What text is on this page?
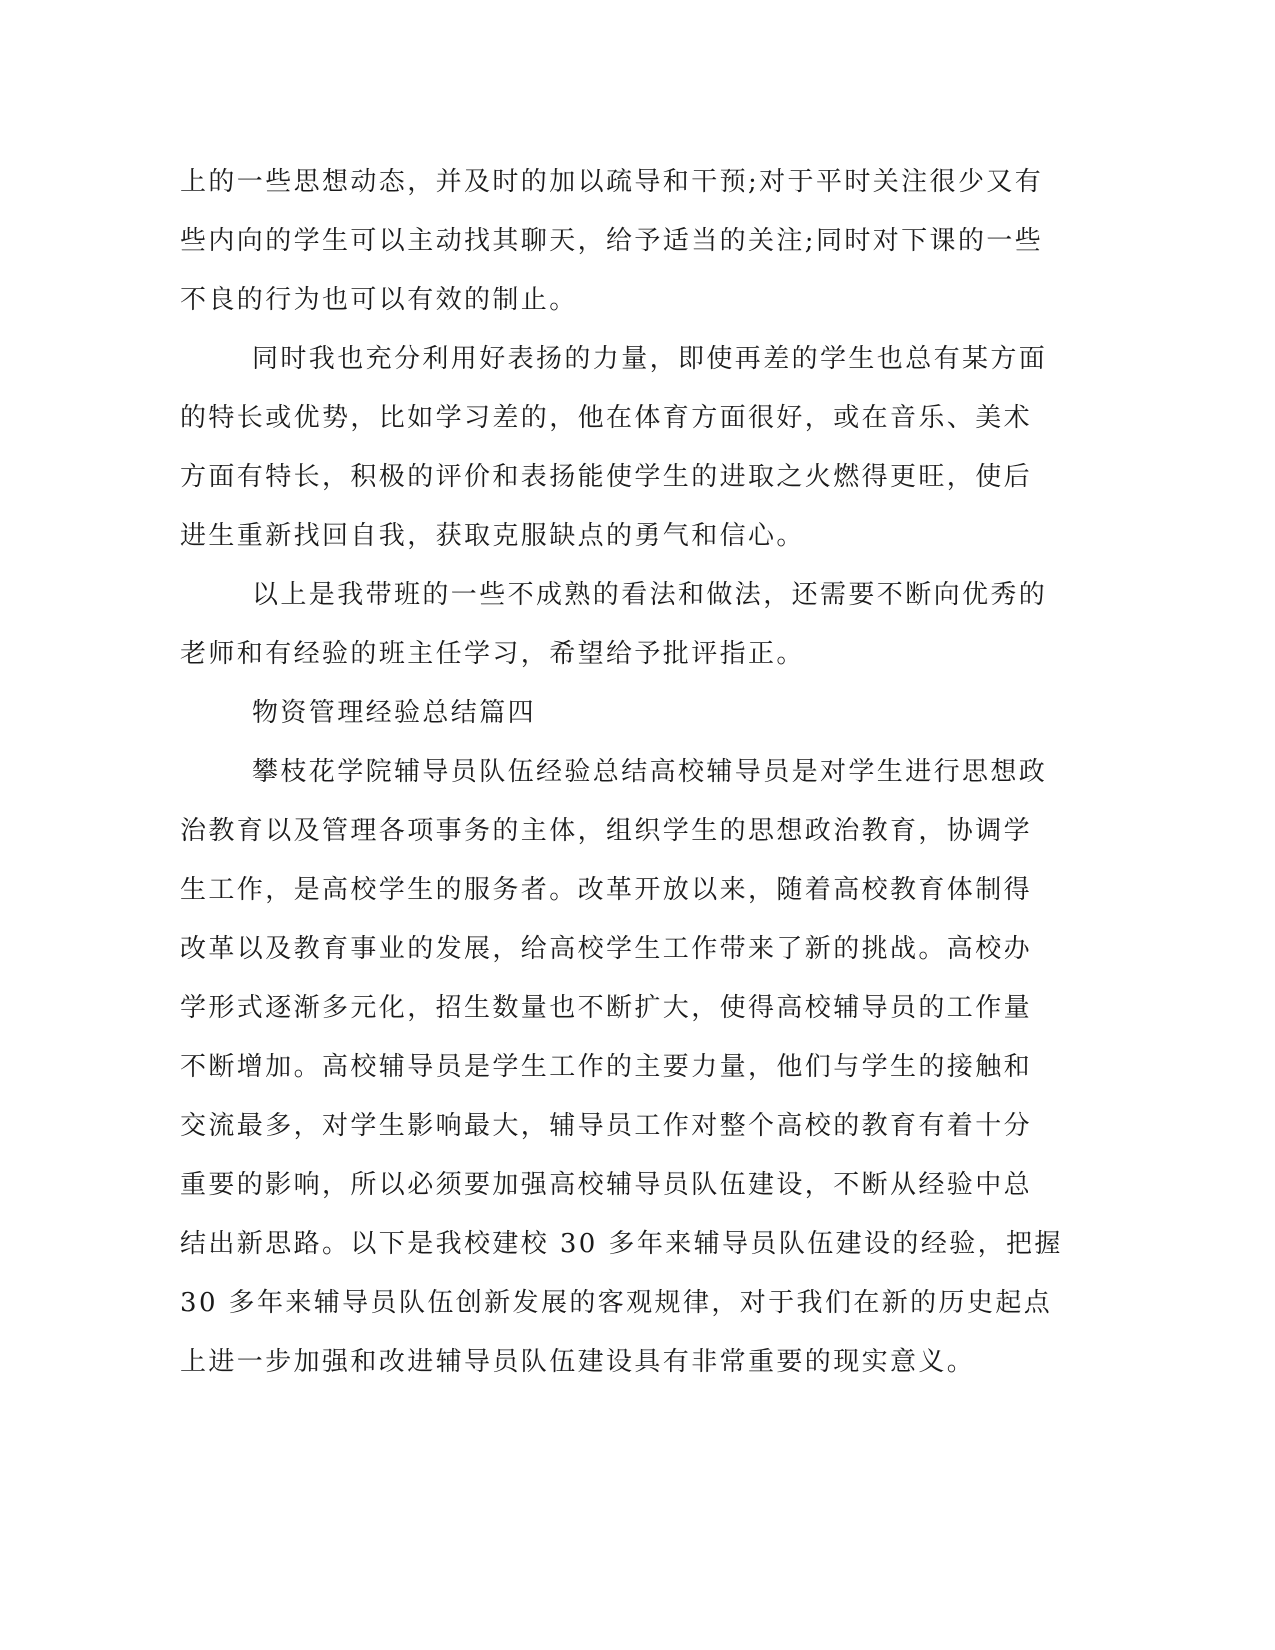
上的一些思想动态，并及时的加以疏导和干预;对于平时关注很少又有
些内向的学生可以主动找其聊天，给予适当的关注;同时对下课的一些
不良的行为也可以有效的制止。
同时我也充分利用好表扬的力量，即使再差的学生也总有某方面
的特长或优势，比如学习差的，他在体育方面很好，或在音乐、美术
方面有特长，积极的评价和表扬能使学生的进取之火燃得更旺，使后
进生重新找回自我，获取克服缺点的勇气和信心。
以上是我带班的一些不成熟的看法和做法，还需要不断向优秀的
老师和有经验的班主任学习，希望给予批评指正。
物资管理经验总结篇四
攀枝花学院辅导员队伍经验总结高校辅导员是对学生进行思想政
治教育以及管理各项事务的主体，组织学生的思想政治教育，协调学
生工作，是高校学生的服务者。改革开放以来，随着高校教育体制得
改革以及教育事业的发展，给高校学生工作带来了新的挑战。高校办
学形式逐渐多元化，招生数量也不断扩大，使得高校辅导员的工作量
不断增加。高校辅导员是学生工作的主要力量，他们与学生的接触和
交流最多，对学生影响最大，辅导员工作对整个高校的教育有着十分
重要的影响，所以必须要加强高校辅导员队伍建设，不断从经验中总
结出新思路。以下是我校建校 30 多年来辅导员队伍建设的经验，把握
30 多年来辅导员队伍创新发展的客观规律，对于我们在新的历史起点
上进一步加强和改进辅导员队伍建设具有非常重要的现实意义。
